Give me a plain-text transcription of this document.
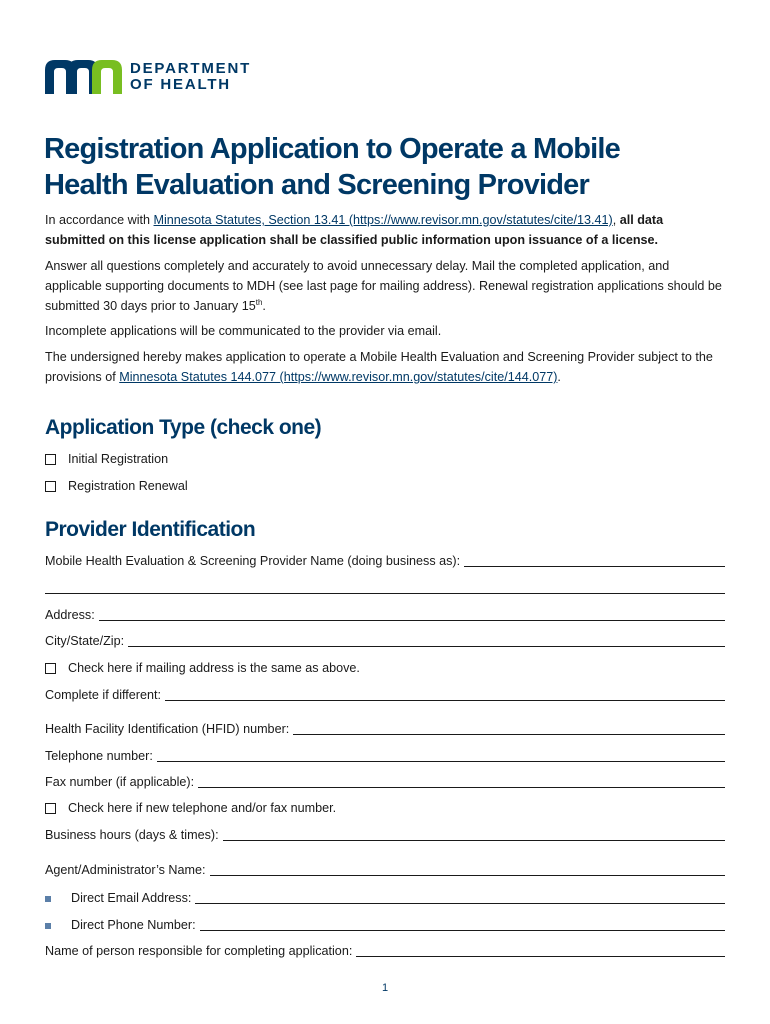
DEPARTMENT
OF HEALTH
Registration Application to Operate a Mobile
Health Evaluation and Screening Provider

In accordance with Minnesota Statutes, Section 13.41 (https://www.revisor.mn.gov/statutes/cite/13.41), all data submitted on this license application shall be classified public information upon issuance of a license.

Answer all questions completely and accurately to avoid unnecessary delay. Mail the completed application, and applicable supporting documents to MDH (see last page for mailing address). Renewal registration applications should be submitted 30 days prior to January 15th.

Incomplete applications will be communicated to the provider via email.

The undersigned hereby makes application to operate a Mobile Health Evaluation and Screening Provider subject to the provisions of Minnesota Statutes 144.077 (https://www.revisor.mn.gov/statutes/cite/144.077).

Application Type (check one)
Initial Registration
Registration Renewal
Provider Identification
Mobile Health Evaluation & Screening Provider Name (doing business as):
Address:
City/State/Zip:
Check here if mailing address is the same as above.
Complete if different:
Health Facility Identification (HFID) number:
Telephone number:
Fax number (if applicable):
Check here if new telephone and/or fax number.
Business hours (days & times):
Agent/Administrator’s Name:
Direct Email Address:
Direct Phone Number:
Name of person responsible for completing application:
1
